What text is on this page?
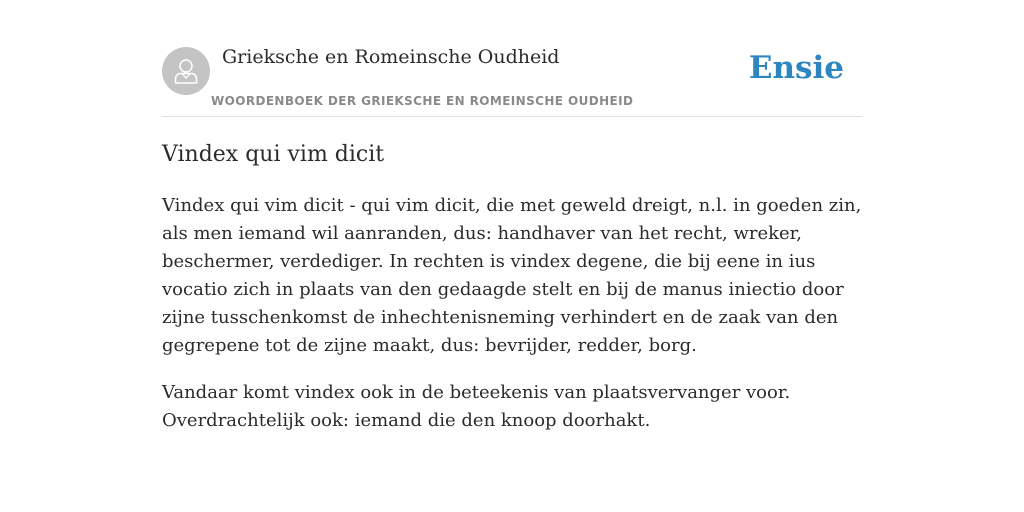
Grieksche en Romeinsche Oudheid
WOORDENBOEK DER GRIEKSCHE EN ROMEINSCHE OUDHEID
Ensie
Vindex qui vim dicit

Vindex qui vim dicit - qui vim dicit, die met geweld dreigt, n.l. in goeden zin, als men iemand wil aanranden, dus: handhaver van het recht, wreker, beschermer, verdediger. In rechten is vindex degene, die bij eene in ius vocatio zich in plaats van den gedaagde stelt en bij de manus iniectio door zijne tusschenkomst de inhechtenisneming verhindert en de zaak van den gegrepene tot de zijne maakt, dus: bevrijder, redder, borg.

Vandaar komt vindex ook in de beteekenis van plaatsvervanger voor. Overdrachtelijk ook: iemand die den knoop doorhakt.
